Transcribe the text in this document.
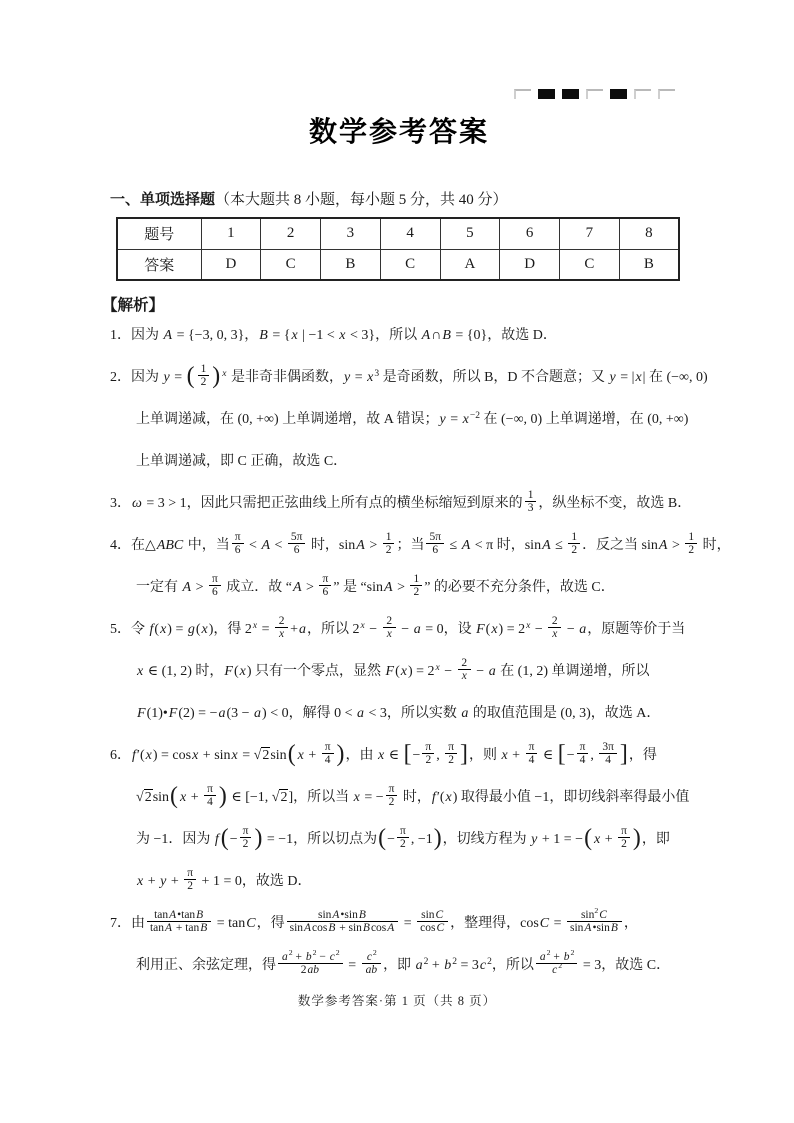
数学参考答案
一、单项选择题（本大题共 8 小题，每小题 5 分，共 40 分）
题号	1	2	3	4	5	6	7	8
答案	D	C	B	C	A	D	C	B
【解析】
1．因为 A = {−3, 0, 3}，B = {x | −1 < x < 3}，所以 A∩B = {0}，故选 D．
2．因为 y = ( $\frac{1}{2}$ ) $^x$ 是非奇非偶函数，$y = x^3$ 是奇函数，所以 B，D 不合题意；又 y = |x| 在 (−∞, 0)
上单调递减，在 (0, +∞) 上单调递增，故 A 错误；$y = x^{-2}$ 在 (−∞, 0) 上单调递增，在 (0, +∞)
上单调递减，即 C 正确，故选 C．
3．ω = 3 > 1，因此只需把正弦曲线上所有点的横坐标缩短到原来的 $\frac{1}{3}$ ，纵坐标不变，故选 B．
4．在△ABC 中，当 $\frac{\pi}{6} < A < \frac{5\pi}{6}$ 时，$\sin A > \frac{1}{2}$ ；当 $\frac{5\pi}{6} \le A < \pi$ 时，$\sin A \le \frac{1}{2}$ ．反之当 $\sin A > \frac{1}{2}$ 时，
一定有 $A > \frac{\pi}{6}$ 成立．故 “$A > \frac{\pi}{6}$ ” 是 “$\sin A > \frac{1}{2}$ ” 的必要不充分条件，故选 C．
5．令 f(x) = g(x)，得 $2^x = \frac{2}{x} +a$，所以 $2^x - \frac{2}{x} - a = 0$，设 $F(x) = 2^x - \frac{2}{x} - a$，原题等价于当
x ∈ (1, 2) 时，F(x) 只有一个零点，显然 $F(x) = 2^x - \frac{2}{x} - a$ 在 (1, 2) 单调递增，所以
F(1)•F(2) = −a(3 − a) < 0，解得 0 < a < 3，所以实数 a 的取值范围是 (0, 3)，故选 A．
6．f′(x) = cosx + sinx = √2sin( $x + \frac{\pi}{4}$ )，由 x ∈ [− $\frac{\pi}{2}$ , $\frac{\pi}{2}$ ]，则 $x + \frac{\pi}{4}$ ∈ [− $\frac{\pi}{4}$ , $\frac{3\pi}{4}$ ]，得
√2sin( $x + \frac{\pi}{4}$ ) ∈ [−1, √2]，所以当 x = − $\frac{\pi}{2}$ 时，f′(x) 取得最小值 −1，即切线斜率得最小值
为 −1．因为 $f(- \frac{\pi}{2}$ ) = −1，所以切点为(− $\frac{\pi}{2}$ , −1)，切线方程为 y + 1 = −( $x + \frac{\pi}{2}$ )，即
$x + y + \frac{\pi}{2} + 1 = 0$，故选 D．
7．由 $\frac{\tan A•\tan B}{\tan A + \tan B} = \tan C$，得 $\frac{\sin A•\sin B}{\text{sinAcosB + sinBcosA}} = \frac{\sin C}{\cos C}$ ，整理得，$\cos C = \frac{\sin^2C}{\sin A•\sin B}$ ，
利用正、余弦定理，得 $\frac{a^2 + b^2 - c^2}{2ab} = \frac{c^2}{ab}$ ，即 $a^2 + b^2 = 3c^2$，所以 $\frac{a^2 + b^2}{c^2} = 3$，故选 C．
数学参考答案·第 1 页（共 8 页）
